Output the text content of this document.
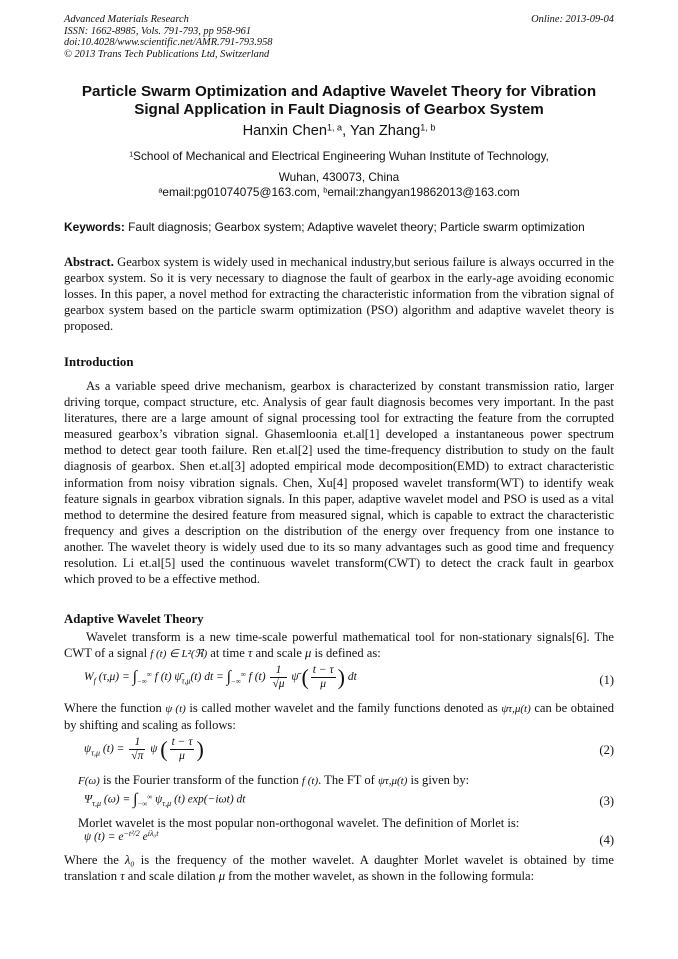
Advanced Materials Research
ISSN: 1662-8985, Vols. 791-793, pp 958-961
doi:10.4028/www.scientific.net/AMR.791-793.958
© 2013 Trans Tech Publications Ltd, Switzerland
Online: 2013-09-04
Particle Swarm Optimization and Adaptive Wavelet Theory for Vibration
Signal Application in Fault Diagnosis of Gearbox System
Hanxin Chen$^{1, a}$, Yan Zhang$^{1, b}$
$^1$School of Mechanical and Electrical Engineering Wuhan Institute of Technology,
Wuhan, 430073, China
$^a$email:pg01074075@163.com, $^b$email:zhangyan19862013@163.com
Keywords: Fault diagnosis; Gearbox system; Adaptive wavelet theory; Particle swarm optimization
Abstract. Gearbox system is widely used in mechanical industry,but serious failure is always occurred in the gearbox system. So it is very necessary to diagnose the fault of gearbox in the early-age avoiding economic losses. In this paper, a novel method for extracting the characteristic information from the vibration signal of gearbox system based on the particle swarm optimization (PSO) algorithm and adaptive wavelet theory is proposed.
Introduction
As a variable speed drive mechanism, gearbox is characterized by constant transmission ratio, larger driving torque, compact structure, etc. Analysis of gear fault diagnosis becomes very important. In the past literatures, there are a large amount of signal processing tool for extracting the feature from the corrupted measured gearbox’s vibration signal. Ghasemloonia et.al[1] developed a instantaneous power spectrum method to detect gear tooth failure. Ren et.al[2] used the time-frequency distribution to study on the fault diagnosis of gearbox. Shen et.al[3] adopted empirical mode decomposition(EMD) to extract characteristic information from noisy vibration signals. Chen, Xu[4] proposed wavelet transform(WT) to identify weak feature signals in gearbox vibration signals. In this paper, adaptive wavelet model and PSO is used as a vital method to determine the desired feature from measured signal, which is capable to extract the characteristic frequency and gives a description on the distribution of the energy over frequency from one instance to another. The wavelet theory is widely used due to its so many advantages such as good time and frequency resolution. Li et.al[5] used the continuous wavelet transform(CWT) to detect the crack fault in gearbox which proved to be a effective method.
Adaptive Wavelet Theory
Wavelet transform is a new time-scale powerful mathematical tool for non-stationary signals[6]. The CWT of a signal f (t) ∈ L²(ℜ) at time τ and scale μ is defined as:
$W_f$ $(\tau,\mu) = \int_{-\infty}^\infty$ f (t) $\psī_{\tau,\mu}(t)$ dt = $\int_{-\infty}^\infty$ f $(t) \frac{1}{√\mu}$ ψ̄ ( $\frac{t - \tau}{\mu}$ ) dt	(1)
Where the function ψ (t) is called mother wavelet and the family functions denoted as ψτ,μ(t) can be obtained by shifting and scaling as follows:
$\psi_{\tau,\mu}$ $(t) = \frac{1}{√\pi}$ ψ ( $\frac{t - \tau}{\mu}$ )	(2)
F(ω) is the Fourier transform of the function f (t). The FT of ψτ,μ(t) is given by:
$\Psi_{\tau,\mu}$ $(\omega) = \int_{-\infty}^\infty$ $\psi_{\tau,\mu}$ (t) exp(−iωt) dt	(3)
Morlet wavelet is the most popular non-orthogonal wavelet. The definition of Morlet is:
ψ $(t) = e^{-t^2/2}$ $e^{i\lambda_0t}$	(4)
Where the λ₀ is the frequency of the mother wavelet. A daughter Morlet wavelet is obtained by time translation τ and scale dilation μ from the mother wavelet, as shown in the following formula:
